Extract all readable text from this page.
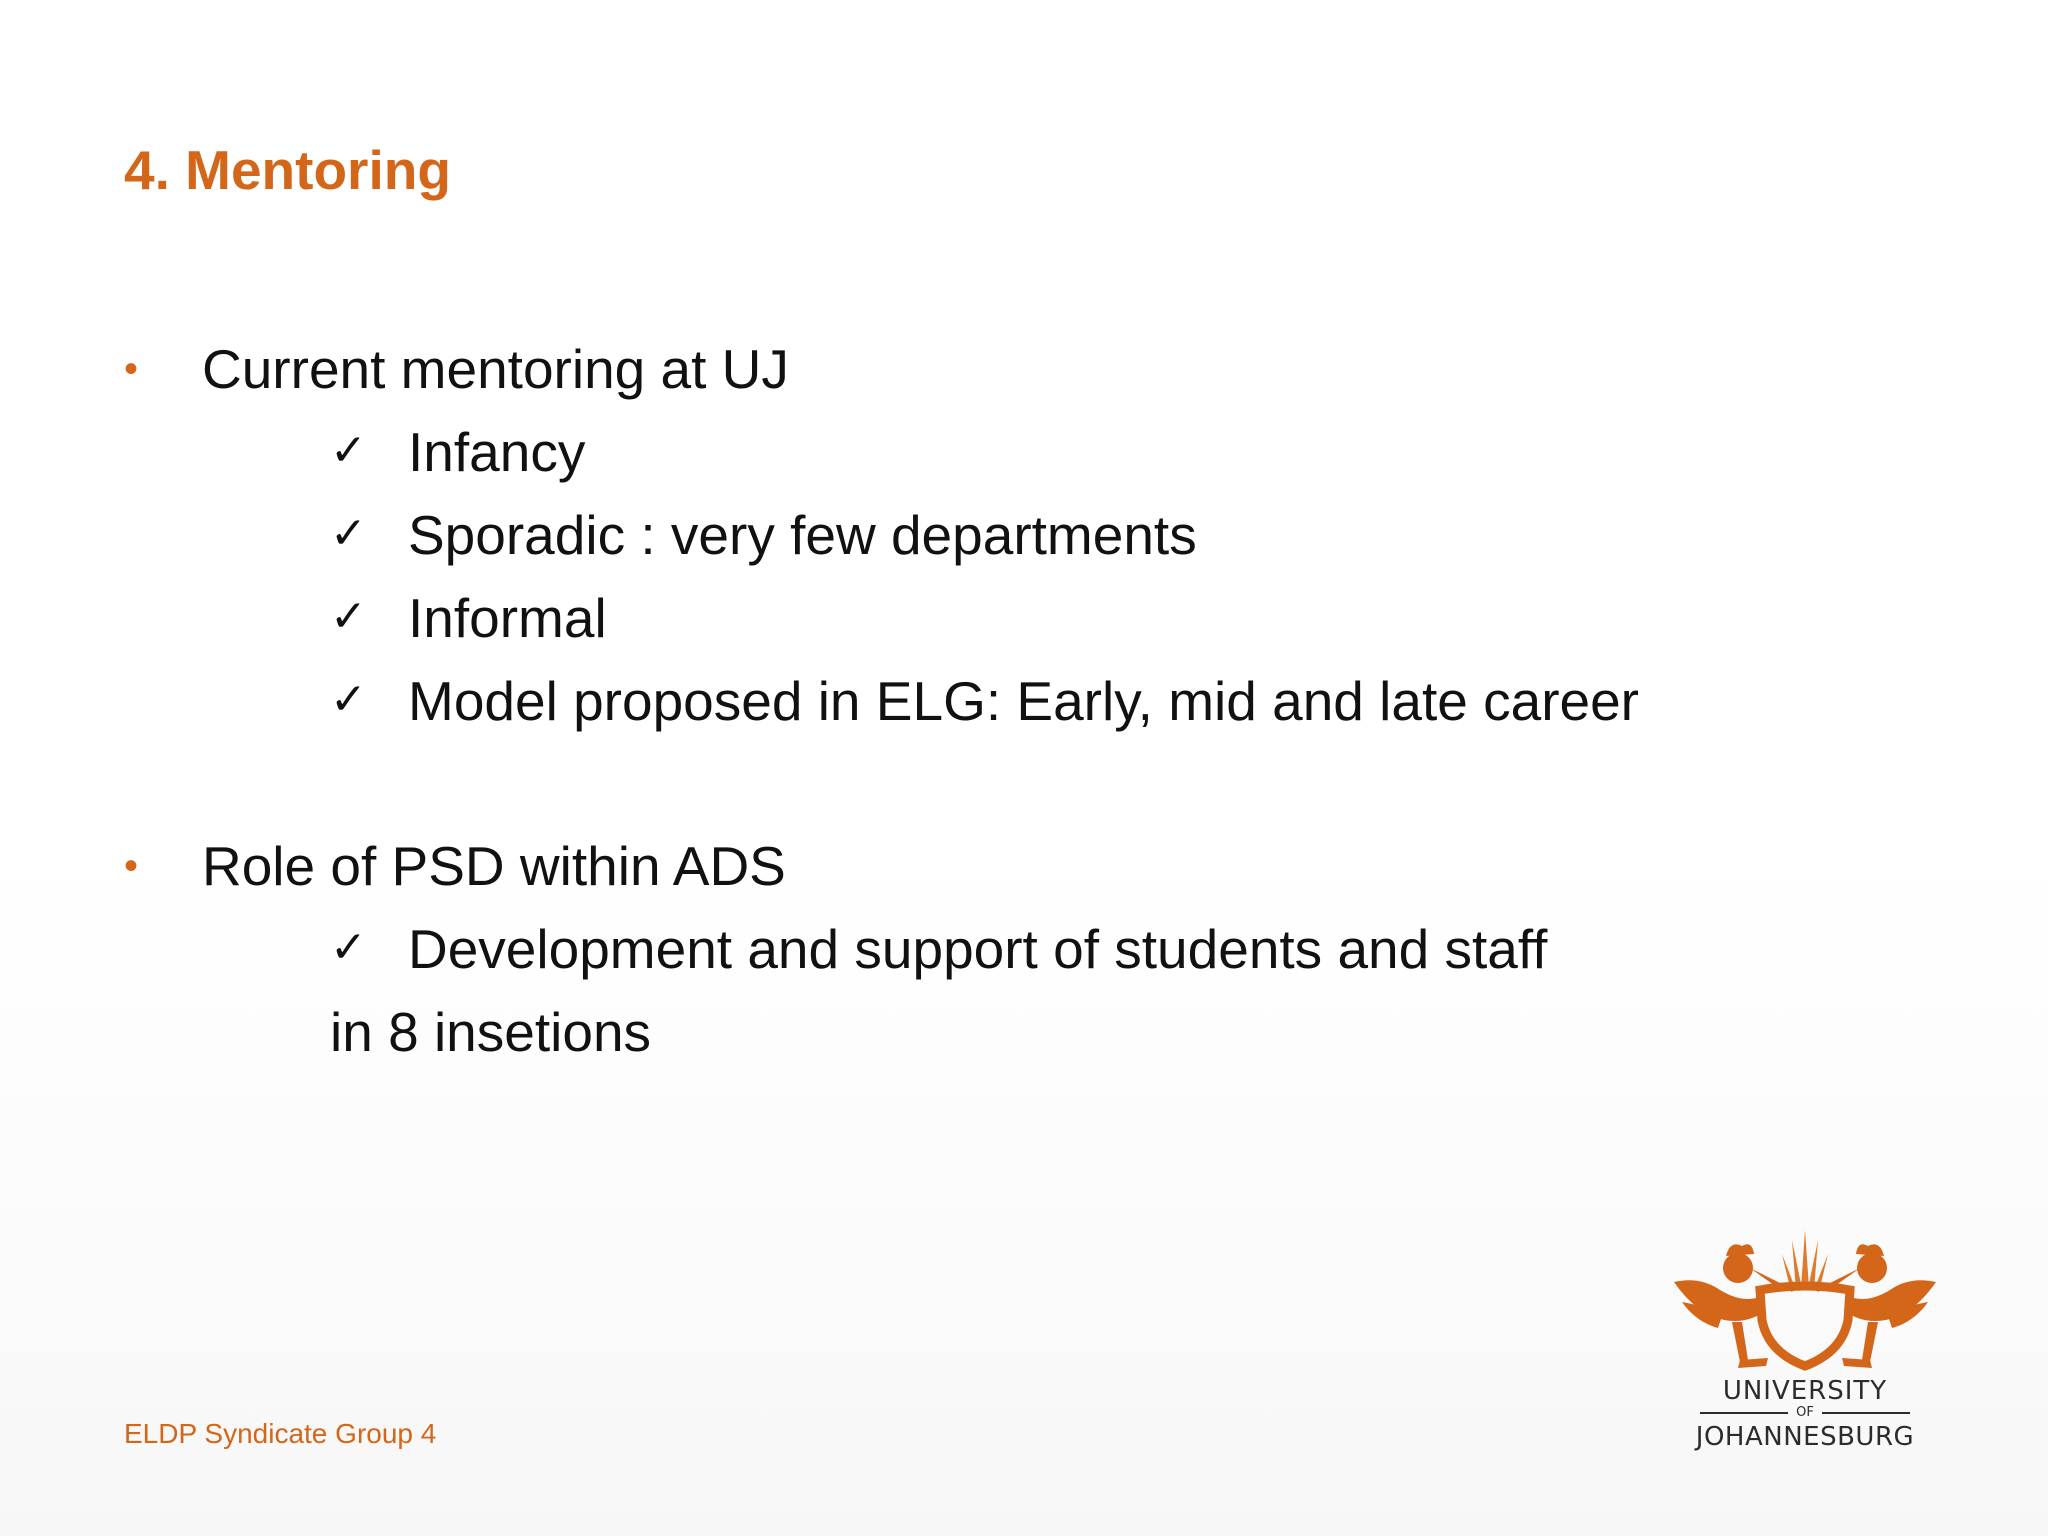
4. Mentoring
• Current mentoring at UJ
✓ Infancy
✓ Sporadic : very few departments
✓ Informal
✓ Model proposed in ELG: Early, mid and late career
• Role of PSD within ADS
✓ Development and support of students and staff
in 8 insetions
ELDP Syndicate Group 4
UNIVERSITY
OF
JOHANNESBURG
